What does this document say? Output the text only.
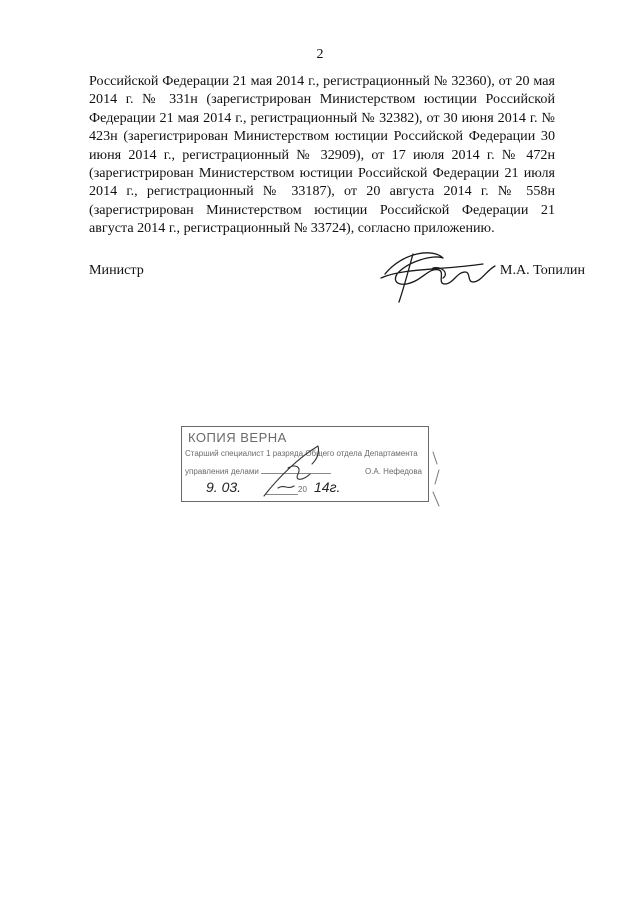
2

Российской Федерации 21 мая 2014 г., регистрационный № 32360), от 20 мая 2014 г. № 331н (зарегистрирован Министерством юстиции Российской Федерации 21 мая 2014 г., регистрационный № 32382), от 30 июня 2014 г. № 423н (зарегистрирован Министерством юстиции Российской Федерации 30 июня 2014 г., регистрационный № 32909), от 17 июля 2014 г. № 472н (зарегистрирован Министерством юстиции Российской Федерации 21 июля 2014 г., регистрационный № 33187), от 20 августа 2014 г. № 558н (зарегистрирован Министерством юстиции Российской Федерации 21 августа 2014 г., регистрационный № 33724), согласно приложению.

Министр	М.А. Топилин
КОПИЯ ВЕРНА
Старший специалист 1 разряда Общего отдела Департамента
управления делами	О.А. Нефедова
9. 03.	20 14г.
